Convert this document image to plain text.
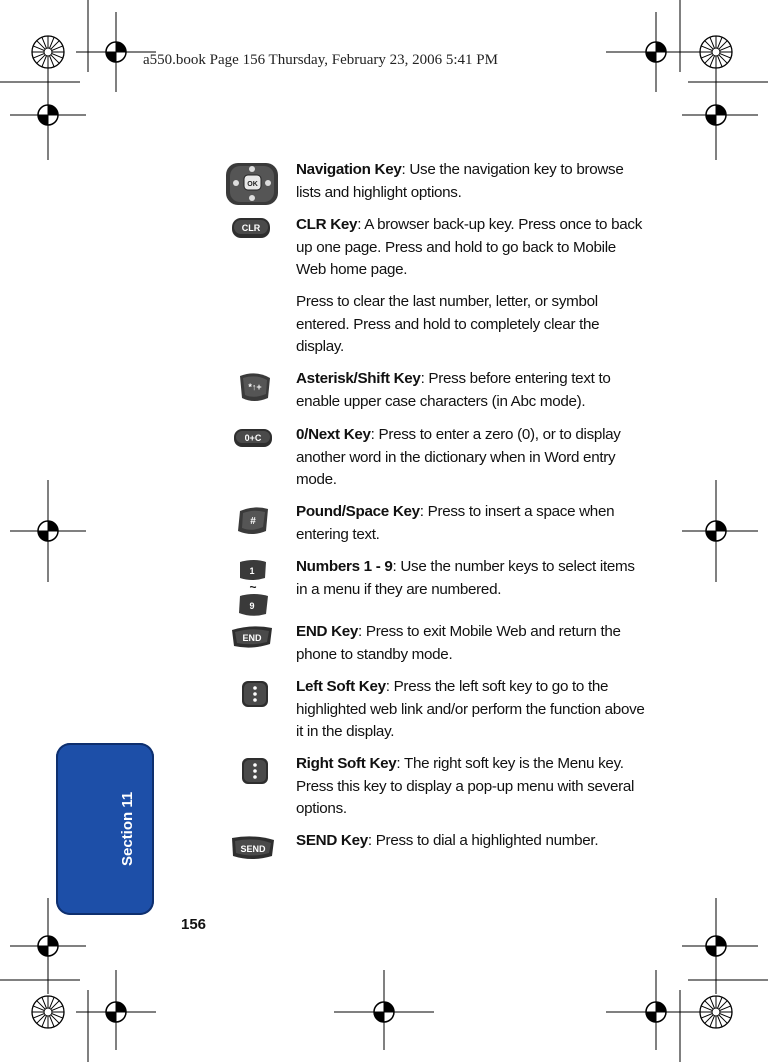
a550.book Page 156 Thursday, February 23, 2006 5:41 PM
OK
CLR
*↑+
0+C
#
1
~
9
END
SEND
Navigation Key: Use the navigation key to browse lists and highlight options.
CLR Key: A browser back-up key. Press once to back up one page. Press and hold to go back to Mobile Web home page.
Press to clear the last number, letter, or symbol entered. Press and hold to completely clear the display.
Asterisk/Shift Key: Press before entering text to enable upper case characters (in Abc mode).
0/Next Key: Press to enter a zero (0), or to display another word in the dictionary when in Word entry mode.
Pound/Space Key: Press to insert a space when entering text.
Numbers 1 - 9: Use the number keys to select items in a menu if they are numbered.
END Key: Press to exit Mobile Web and return the phone to standby mode.
Left Soft Key: Press the left soft key to go to the highlighted web link and/or perform the function above it in the display.
Right Soft Key: The right soft key is the Menu key. Press this key to display a pop-up menu with several options.
SEND Key: Press to dial a highlighted number.
Section 11
156
